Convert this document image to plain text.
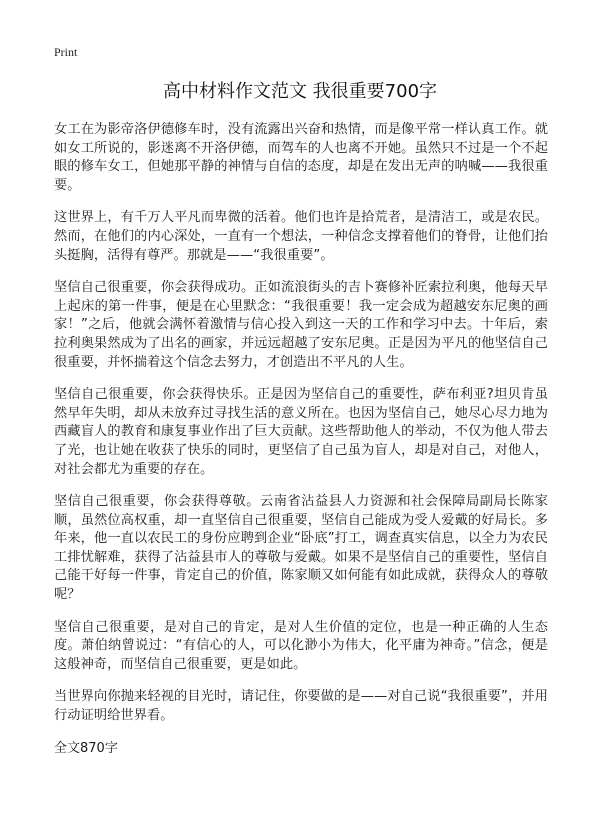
Print
高中材料作文范文 我很重要700字

女工在为影帝洛伊德修车时，没有流露出兴奋和热情，而是像平常一样认真工作。就如女工所说的，影迷离不开洛伊德，而驾车的人也离不开她。虽然只不过是一个不起眼的修车女工，但她那平静的神情与自信的态度，却是在发出无声的呐喊——我很重要。

这世界上，有千万人平凡而卑微的活着。他们也许是拾荒者，是清洁工，或是农民。然而，在他们的内心深处，一直有一个想法，一种信念支撑着他们的脊骨，让他们抬头挺胸，活得有尊严。那就是——“我很重要”。

坚信自己很重要，你会获得成功。正如流浪街头的吉卜赛修补匠索拉利奥，他每天早上起床的第一件事，便是在心里默念：“我很重要！我一定会成为超越安东尼奥的画家！”之后，他就会满怀着激情与信心投入到这一天的工作和学习中去。十年后，索拉利奥果然成为了出名的画家，并远远超越了安东尼奥。正是因为平凡的他坚信自己很重要，并怀揣着这个信念去努力，才创造出不平凡的人生。

坚信自己很重要，你会获得快乐。正是因为坚信自己的重要性，萨布利亚?坦贝肯虽然早年失明，却从未放弃过寻找生活的意义所在。也因为坚信自己，她尽心尽力地为西藏盲人的教育和康复事业作出了巨大贡献。这些帮助他人的举动，不仅为他人带去了光，也让她在收获了快乐的同时，更坚信了自己虽为盲人，却是对自己，对他人，对社会都尤为重要的存在。

坚信自己很重要，你会获得尊敬。云南省沾益县人力资源和社会保障局副局长陈家顺，虽然位高权重，却一直坚信自己很重要，坚信自己能成为受人爱戴的好局长。多年来，他一直以农民工的身份应聘到企业“卧底”打工，调查真实信息，以全力为农民工排忧解难，获得了沾益县市人的尊敬与爱戴。如果不是坚信自己的重要性，坚信自己能干好每一件事，肯定自己的价值，陈家顺又如何能有如此成就，获得众人的尊敬呢？

坚信自己很重要，是对自己的肯定，是对人生价值的定位，也是一种正确的人生态度。萧伯纳曾说过：“有信心的人，可以化渺小为伟大，化平庸为神奇。”信念，便是这般神奇，而坚信自己很重要，更是如此。

当世界向你抛来轻视的目光时，请记住，你要做的是——对自己说“我很重要”，并用行动证明给世界看。

全文870字
